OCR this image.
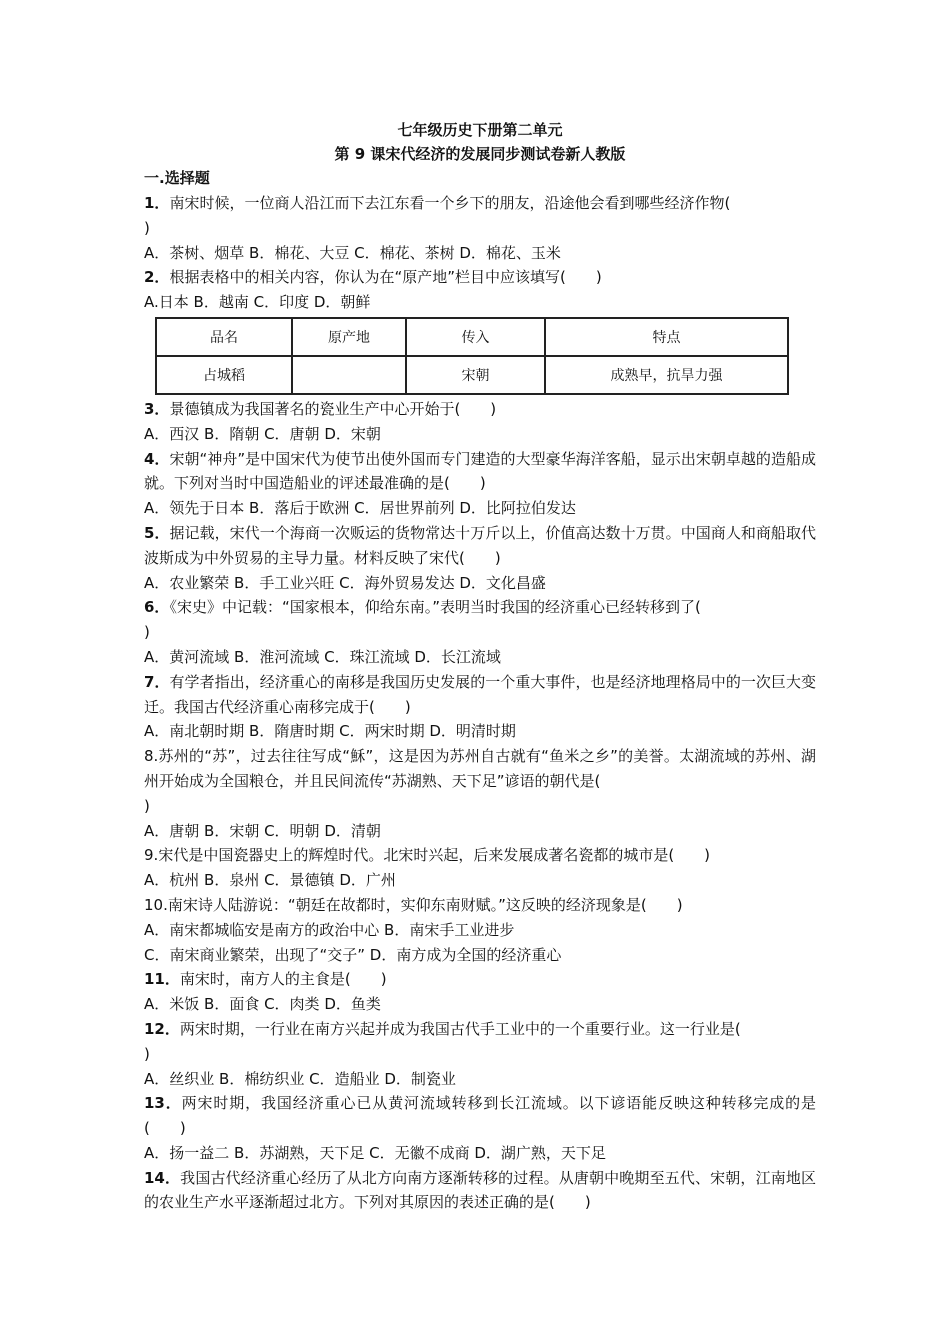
七年级历史下册第二单元
第 9 课宋代经济的发展同步测试卷新人教版
一.选择题
1．南宋时候，一位商人沿江而下去江东看一个乡下的朋友，沿途他会看到哪些经济作物(
)
A．茶树、烟草 B．棉花、大豆 C．棉花、茶树 D．棉花、玉米
2．根据表格中的相关内容，你认为在“原产地”栏目中应该填写(　　)
A.日本 B．越南 C．印度 D．朝鲜
品名	原产地	传入	特点
占城稻		宋朝	成熟早，抗旱力强
3．景德镇成为我国著名的瓷业生产中心开始于(　　)
A．西汉 B．隋朝 C．唐朝 D．宋朝
4．宋朝“神舟”是中国宋代为使节出使外国而专门建造的大型豪华海洋客船，显示出宋朝卓越的造船成就。下列对当时中国造船业的评述最准确的是(　　)
A．领先于日本 B．落后于欧洲 C．居世界前列 D．比阿拉伯发达
5．据记载，宋代一个海商一次贩运的货物常达十万斤以上，价值高达数十万贯。中国商人和商船取代波斯成为中外贸易的主导力量。材料反映了宋代(　　)
A．农业繁荣 B．手工业兴旺 C．海外贸易发达 D．文化昌盛
6．《宋史》中记载：“国家根本，仰给东南。”表明当时我国的经济重心已经转移到了(
)
A．黄河流域 B．淮河流域 C．珠江流域 D．长江流域
7．有学者指出，经济重心的南移是我国历史发展的一个重大事件，也是经济地理格局中的一次巨大变迁。我国古代经济重心南移完成于(　　)
A．南北朝时期 B．隋唐时期 C．两宋时期 D．明清时期
8.苏州的“苏”，过去往往写成“穌”，这是因为苏州自古就有“鱼米之乡”的美誉。太湖流域的苏州、湖州开始成为全国粮仓，并且民间流传“苏湖熟、天下足”谚语的朝代是(
)
A．唐朝 B．宋朝 C．明朝 D．清朝
9.宋代是中国瓷器史上的辉煌时代。北宋时兴起，后来发展成著名瓷都的城市是(　　)
A．杭州 B．泉州 C．景德镇 D．广州
10.南宋诗人陆游说：“朝廷在故都时，实仰东南财赋。”这反映的经济现象是(　　)
A．南宋都城临安是南方的政治中心 B．南宋手工业进步
C．南宋商业繁荣，出现了“交子” D．南方成为全国的经济重心
11．南宋时，南方人的主食是(　　)
A．米饭 B．面食 C．肉类 D．鱼类
12．两宋时期，一行业在南方兴起并成为我国古代手工业中的一个重要行业。这一行业是(
)
A．丝织业 B．棉纺织业 C．造船业 D．制瓷业
13．两宋时期，我国经济重心已从黄河流域转移到长江流域。以下谚语能反映这种转移完成的是(　　)
A．扬一益二 B．苏湖熟，天下足 C．无徽不成商 D．湖广熟，天下足
14．我国古代经济重心经历了从北方向南方逐渐转移的过程。从唐朝中晚期至五代、宋朝，江南地区的农业生产水平逐渐超过北方。下列对其原因的表述正确的是(　　)
